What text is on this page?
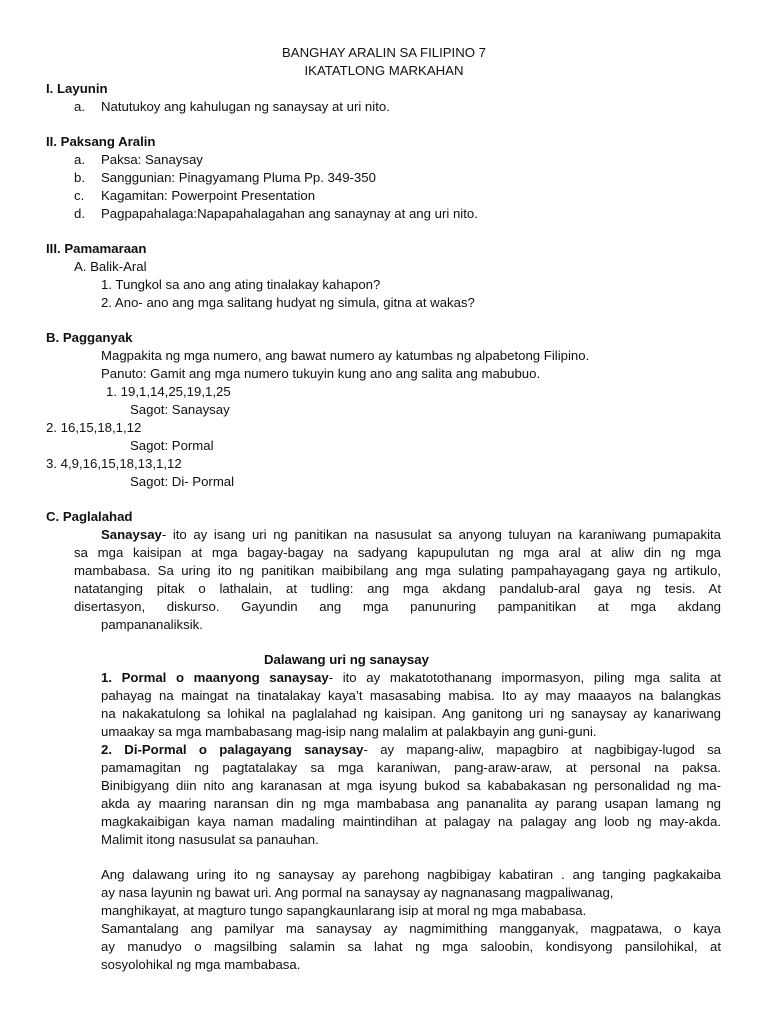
BANGHAY ARALIN SA FILIPINO 7
IKATATLONG MARKAHAN
I. Layunin
a. Natutukoy ang kahulugan ng sanaysay at uri nito.
II. Paksang Aralin
a. Paksa: Sanaysay
b. Sanggunian: Pinagyamang Pluma Pp. 349-350
c. Kagamitan: Powerpoint Presentation
d. Pagpapahalaga:Napapahalagahan ang sanaynay at ang uri nito.
III. Pamamaraan
A. Balik-Aral
1. Tungkol sa ano ang ating tinalakay kahapon?
2. Ano- ano ang mga salitang hudyat ng simula, gitna at wakas?
B. Pagganyak
Magpakita ng mga numero, ang bawat numero ay katumbas ng alpabetong Filipino.
Panuto: Gamit ang mga numero tukuyin kung ano ang salita ang mabubuo.
1. 19,1,14,25,19,1,25
Sagot: Sanaysay
2. 16,15,18,1,12
Sagot: Pormal
3. 4,9,16,15,18,13,1,12
Sagot: Di- Pormal
C. Paglalahad
Sanaysay- ito ay isang uri ng panitikan na nasusulat sa anyong tuluyan na karaniwang pumapakita
sa mga kaisipan at mga bagay-bagay na sadyang kapupulutan ng mga aral at aliw din ng mga
mambabasa. Sa uring ito ng panitikan maibibilang ang mga sulating pampahayagang gaya ng artikulo,
natatanging pitak o lathalain, at tudling: ang mga akdang pandalub-aral gaya ng tesis. At
disertasyon, diskurso. Gayundin ang mga panunuring pampanitikan at mga akdang
pampananaliksik.
Dalawang uri ng sanaysay
1. Pormal o maanyong sanaysay- ito ay makatotothanang impormasyon, piling mga salita at
pahayag na maingat na tinatalakay kaya’t masasabing mabisa. Ito ay may maaayos na balangkas
na nakakatulong sa lohikal na paglalahad ng kaisipan. Ang ganitong uri ng sanaysay ay kanariwang
umaakay sa mga mambabasang mag-isip nang malalim at palakbayin ang guni-guni.
2. Di-Pormal o palagayang sanaysay- ay mapang-aliw, mapagbiro at nagbibigay-lugod sa
pamamagitan ng pagtatalakay sa mga karaniwan, pang-araw-araw, at personal na paksa.
Binibigyang diin nito ang karanasan at mga isyung bukod sa kababakasan ng personalidad ng ma-
akda ay maaring naransan din ng mga mambabasa ang pananalita ay parang usapan lamang ng
magkakaibigan kaya naman madaling maintindihan at palagay na palagay ang loob ng may-akda.
Malimit itong nasusulat sa panauhan.
Ang dalawang uring ito ng sanaysay ay parehong nagbibigay kabatiran . ang tanging pagkakaiba
ay nasa layunin ng bawat uri. Ang pormal na sanaysay ay nagnanasang magpaliwanag,
manghikayat, at magturo tungo sapangkaunlarang isip at moral ng mga mababasa.
Samantalang ang pamilyar ma sanaysay ay nagmimithing mangganyak, magpatawa, o kaya
ay manudyo o magsilbing salamin sa lahat ng mga saloobin, kondisyong pansilohikal, at
sosyolohikal ng mga mambabasa.
